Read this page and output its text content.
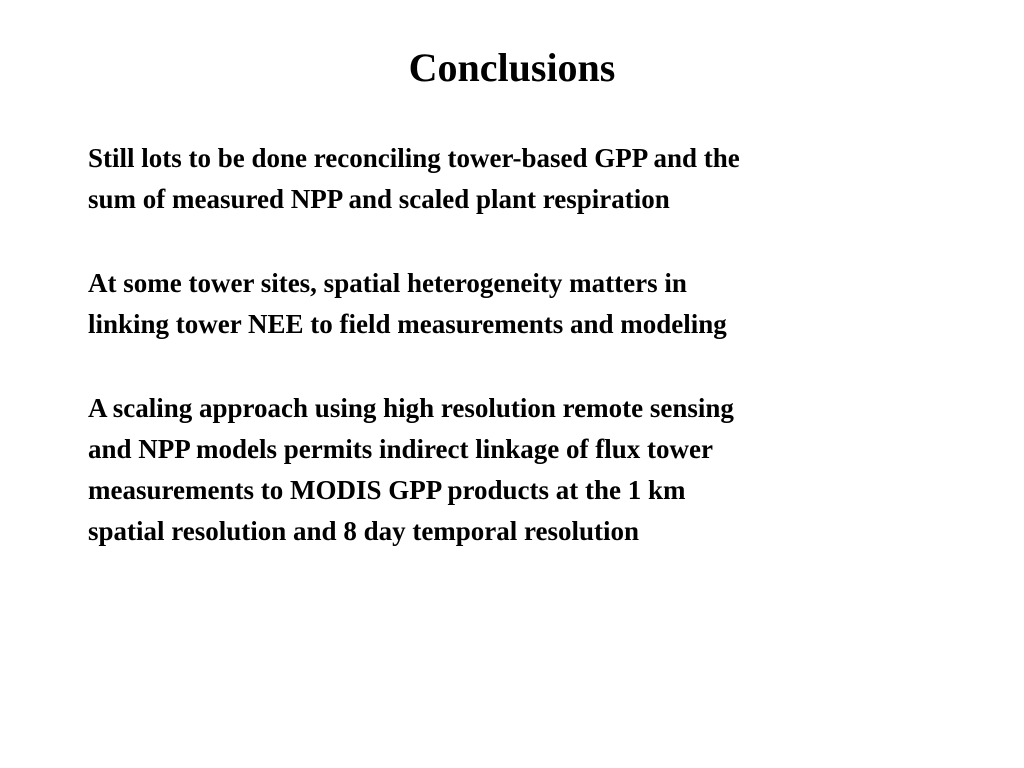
Conclusions

Still lots to be done reconciling tower-based GPP and the
sum of measured NPP and scaled plant respiration

At some tower sites, spatial heterogeneity matters in
linking tower NEE to field measurements and modeling

A scaling approach using high resolution remote sensing
and NPP models permits indirect linkage of flux tower
measurements to MODIS GPP products at the 1 km
spatial resolution and 8 day temporal resolution
